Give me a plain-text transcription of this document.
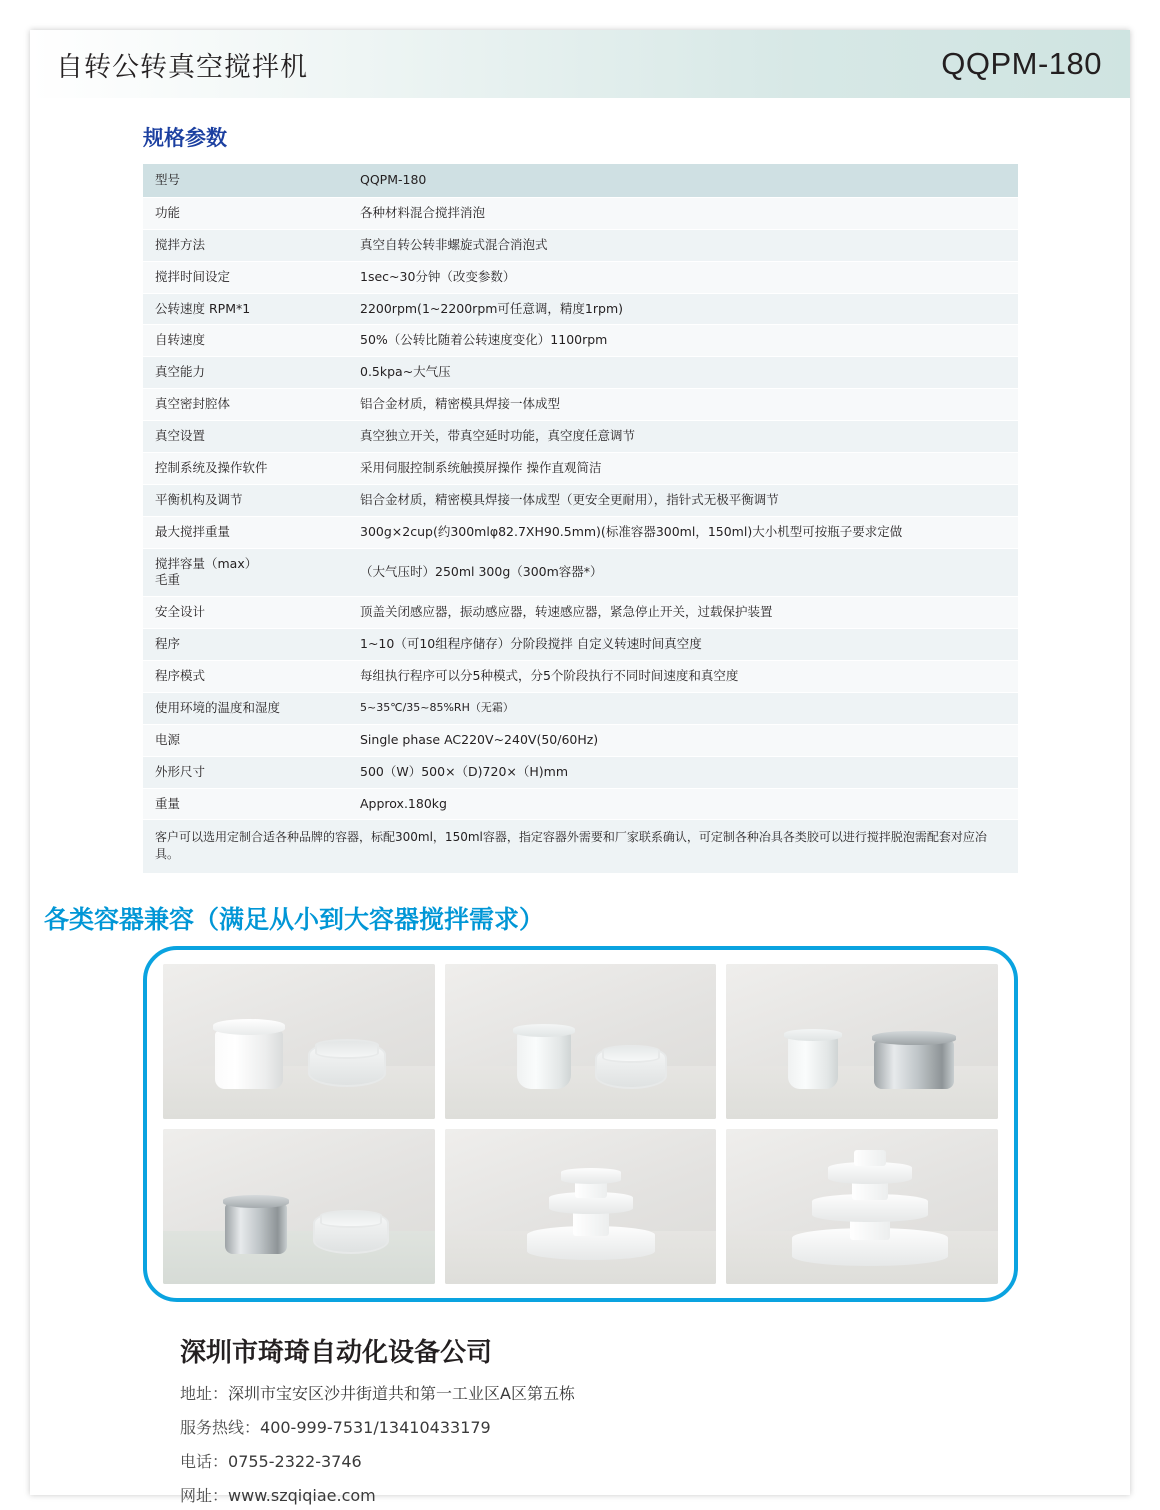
自转公转真空搅拌机	QQPM-180
规格参数
型号	QQPM-180
功能	各种材料混合搅拌消泡
搅拌方法	真空自转公转非螺旋式混合消泡式
搅拌时间设定	1sec~30分钟（改变参数）
公转速度 RPM*1	2200rpm(1~2200rpm可任意调，精度1rpm)
自转速度	50%（公转比随着公转速度变化）1100rpm
真空能力	0.5kpa~大气压
真空密封腔体	铝合金材质，精密模具焊接一体成型
真空设置	真空独立开关，带真空延时功能，真空度任意调节
控制系统及操作软件	采用伺服控制系统触摸屏操作 操作直观简洁
平衡机构及调节	铝合金材质，精密模具焊接一体成型（更安全更耐用），指针式无极平衡调节
最大搅拌重量	300g×2cup(约300mlφ82.7XH90.5mm)(标准容器300ml，150ml)大小机型可按瓶子要求定做
搅拌容量（max）
毛重	（大气压时）250ml 300g（300m容器*）
安全设计	顶盖关闭感应器，振动感应器，转速感应器，紧急停止开关，过载保护装置
程序	1~10（可10组程序储存）分阶段搅拌 自定义转速时间真空度
程序模式	每组执行程序可以分5种模式，分5个阶段执行不同时间速度和真空度
使用环境的温度和湿度	5~35℃/35~85%RH（无霜）
电源	Single phase AC220V~240V(50/60Hz)
外形尺寸	500（W）500×（D)720×（H)mm
重量	Approx.180kg
客户可以选用定制合适各种品牌的容器，标配300ml，150ml容器，指定容器外需要和厂家联系确认，可定制各种冶具各类胶可以进行搅拌脱泡需配套对应冶具。	
各类容器兼容（满足从小到大容器搅拌需求）
深圳市琦琦自动化设备公司
地址：深圳市宝安区沙井街道共和第一工业区A区第五栋
服务热线：400-999-7531/13410433179
电话：0755-2322-3746
网址：www.szqiqiae.com
